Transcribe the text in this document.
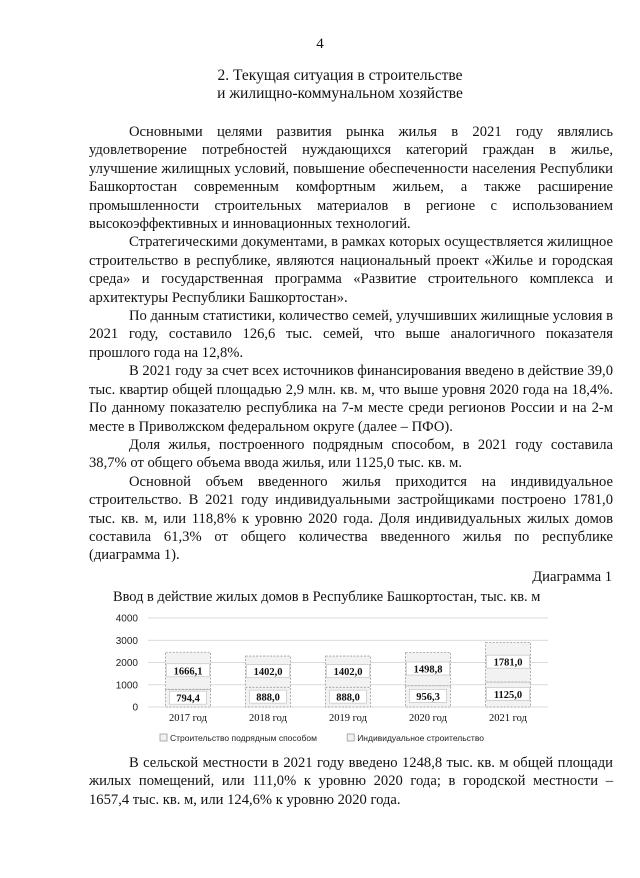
4
2. Текущая ситуация в строительстве
и жилищно-коммунальном хозяйстве

Основными целями развития рынка жилья в 2021 году являлись удовлетворение потребностей нуждающихся категорий граждан в жилье, улучшение жилищных условий, повышение обеспеченности населения Республики Башкортостан современным комфортным жильем, а также расширение промышленности строительных материалов в регионе с использованием высокоэффективных и инновационных технологий.

Стратегическими документами, в рамках которых осуществляется жилищное строительство в республике, являются национальный проект «Жилье и городская среда» и государственная программа «Развитие строительного комплекса и архитектуры Республики Башкортостан».

По данным статистики, количество семей, улучшивших жилищные условия в 2021 году, составило 126,6 тыс. семей, что выше аналогичного показателя прошлого года на 12,8%.

В 2021 году за счет всех источников финансирования введено в действие 39,0 тыс. квартир общей площадью 2,9 млн. кв. м, что выше уровня 2020 года на 18,4%. По данному показателю республика на 7-м месте среди регионов России и на 2-м месте в Приволжском федеральном округе (далее – ПФО).

Доля жилья, построенного подрядным способом, в 2021 году составила 38,7% от общего объема ввода жилья, или 1125,0 тыс. кв. м.

Основной объем введенного жилья приходится на индивидуальное строительство. В 2021 году индивидуальными застройщиками построено 1781,0 тыс. кв. м, или 118,8% к уровню 2020 года. Доля индивидуальных жилых домов составила 61,3% от общего количества введенного жилья по республике (диаграмма 1).

Диаграмма 1
Ввод в действие жилых домов в Республике Башкортостан, тыс. кв. м
0
1000
2000
3000
4000
794,4
1666,1
2017 год
888,0
1402,0
2018 год
888,0
1402,0
2019 год
956,3
1498,8
2020 год
1125,0
1781,0
2021 год
Строительство подрядным способом	Индивидуальное строительство

В сельской местности в 2021 году введено 1248,8 тыс. кв. м общей площади жилых помещений, или 111,0% к уровню 2020 года; в городской местности – 1657,4 тыс. кв. м, или 124,6% к уровню 2020 года.
